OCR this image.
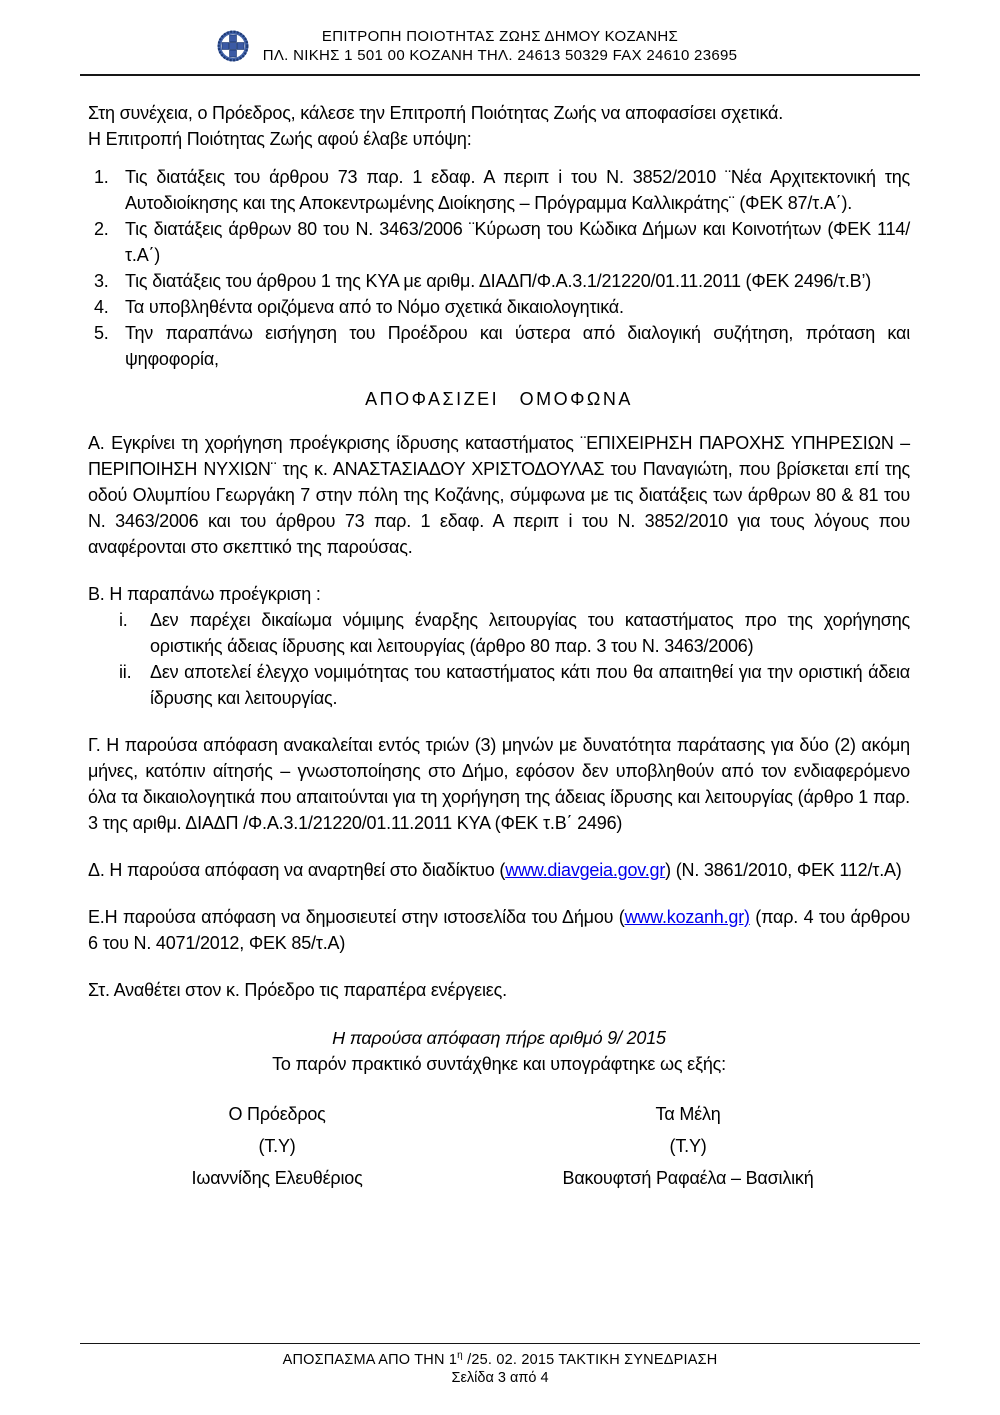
ΕΠΙΤΡΟΠΗ ΠΟΙΟΤΗΤΑΣ ΖΩΗΣ ΔΗΜΟΥ ΚΟΖΑΝΗΣ
ΠΛ. ΝΙΚΗΣ 1 501 00 ΚΟΖΑΝΗ ΤΗΛ. 24613 50329 FAX 24610 23695

Στη συνέχεια, ο Πρόεδρος, κάλεσε την Επιτροπή Ποιότητας Ζωής να αποφασίσει σχετικά.

Η Επιτροπή Ποιότητας Ζωής αφού έλαβε υπόψη:

1. Τις διατάξεις του άρθρου 73 παρ. 1 εδαφ. Α περιπ i του Ν. 3852/2010 ¨Νέα Αρχιτεκτονική της Αυτοδιοίκησης και της Αποκεντρωμένης Διοίκησης – Πρόγραμμα Καλλικράτης¨ (ΦΕΚ 87/τ.Α΄).
2. Τις διατάξεις άρθρων 80 του Ν. 3463/2006 ¨Κύρωση του Κώδικα Δήμων και Κοινοτήτων (ΦΕΚ 114/τ.Α΄)
3. Τις διατάξεις του άρθρου 1 της ΚΥΑ με αριθμ. ΔΙΑΔΠ/Φ.Α.3.1/21220/01.11.2011 (ΦΕΚ 2496/τ.Β’)
4. Τα υποβληθέντα οριζόμενα από το Νόμο σχετικά δικαιολογητικά.
5. Την παραπάνω εισήγηση του Προέδρου και ύστερα από διαλογική συζήτηση, πρόταση και ψηφοφορία,

ΑΠΟΦΑΣΙΖΕΙ ΟΜΟΦΩΝΑ

Α. Εγκρίνει τη χορήγηση προέγκρισης ίδρυσης καταστήματος ¨ΕΠΙΧΕΙΡΗΣΗ ΠΑΡΟΧΗΣ ΥΠΗΡΕΣΙΩΝ – ΠΕΡΙΠΟΙΗΣΗ ΝΥΧΙΩΝ¨ της κ. ΑΝΑΣΤΑΣΙΑΔΟΥ ΧΡΙΣΤΟΔΟΥΛΑΣ του Παναγιώτη, που βρίσκεται επί της οδού Ολυμπίου Γεωργάκη 7 στην πόλη της Κοζάνης, σύμφωνα με τις διατάξεις των άρθρων 80 & 81 του Ν. 3463/2006 και του άρθρου 73 παρ. 1 εδαφ. Α περιπ i του Ν. 3852/2010 για τους λόγους που αναφέρονται στο σκεπτικό της παρούσας.

Β. Η παραπάνω προέγκριση :

i. Δεν παρέχει δικαίωμα νόμιμης έναρξης λειτουργίας του καταστήματος προ της χορήγησης οριστικής άδειας ίδρυσης και λειτουργίας (άρθρο 80 παρ. 3 του Ν. 3463/2006)
ii. Δεν αποτελεί έλεγχο νομιμότητας του καταστήματος κάτι που θα απαιτηθεί για την οριστική άδεια ίδρυσης και λειτουργίας.

Γ. Η παρούσα απόφαση ανακαλείται εντός τριών (3) μηνών με δυνατότητα παράτασης για δύο (2) ακόμη μήνες, κατόπιν αίτησής – γνωστοποίησης στο Δήμο, εφόσον δεν υποβληθούν από τον ενδιαφερόμενο όλα τα δικαιολογητικά που απαιτούνται για τη χορήγηση της άδειας ίδρυσης και λειτουργίας (άρθρο 1 παρ. 3 της αριθμ. ΔΙΑΔΠ /Φ.Α.3.1/21220/01.11.2011 ΚΥΑ (ΦΕΚ τ.Β΄ 2496)

Δ. Η παρούσα απόφαση να αναρτηθεί στο διαδίκτυο (www.diavgeia.gov.gr) (Ν. 3861/2010, ΦΕΚ 112/τ.Α)

Ε.Η παρούσα απόφαση να δημοσιευτεί στην ιστοσελίδα του Δήμου (www.kozanh.gr) (παρ. 4 του άρθρου 6 του Ν. 4071/2012, ΦΕΚ 85/τ.Α)

Στ. Αναθέτει στον κ. Πρόεδρο τις παραπέρα ενέργειες.

Η παρούσα απόφαση πήρε αριθμό 9/ 2015

Το παρόν πρακτικό συντάχθηκε και υπογράφτηκε ως εξής:

Ο Πρόεδρος
(Τ.Υ)
Ιωαννίδης Ελευθέριος
Τα Μέλη
(Τ.Υ)
Βακουφτσή Ραφαέλα – Βασιλική
ΑΠΟΣΠΑΣΜΑ ΑΠΟ ΤΗΝ $1^\eta$ /25. 02. 2015 ΤΑΚΤΙΚΗ ΣΥΝΕΔΡΙΑΣΗ
Σελίδα 3 από 4
